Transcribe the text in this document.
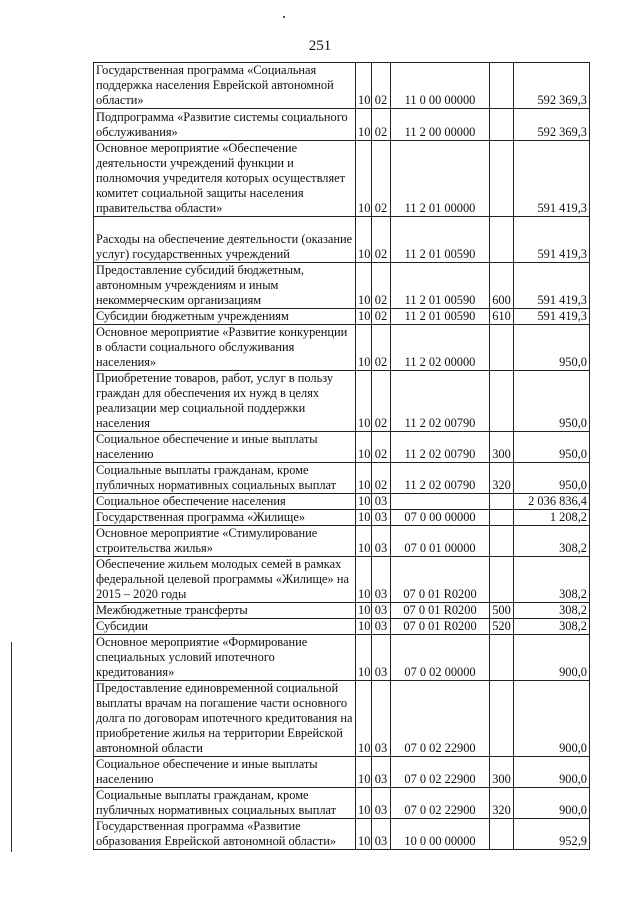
251
Государственная программа «Социальная поддержка населения Еврейской автономной области»	10	02	11 0 00 00000		592 369,3
Подпрограмма «Развитие системы социального обслуживания»	10	02	11 2 00 00000		592 369,3
Основное мероприятие «Обеспечение деятельности учреждений функции и полномочия учредителя которых осуществляет комитет социальной защиты населения правительства области»	10	02	11 2 01 00000		591 419,3
Расходы на обеспечение деятельности (оказание услуг) государственных учреждений	10	02	11 2 01 00590		591 419,3
Предоставление субсидий бюджетным, автономным учреждениям и иным некоммерческим организациям	10	02	11 2 01 00590	600	591 419,3
Субсидии бюджетным учреждениям	10	02	11 2 01 00590	610	591 419,3
Основное мероприятие «Развитие конкуренции в области социального обслуживания населения»	10	02	11 2 02 00000		950,0
Приобретение товаров, работ, услуг в пользу граждан для обеспечения их нужд в целях реализации мер социальной поддержки населения	10	02	11 2 02 00790		950,0
Социальное обеспечение и иные выплаты населению	10	02	11 2 02 00790	300	950,0
Социальные выплаты гражданам, кроме публичных нормативных социальных выплат	10	02	11 2 02 00790	320	950,0
Социальное обеспечение населения	10	03			2 036 836,4
Государственная программа «Жилище»	10	03	07 0 00 00000		1 208,2
Основное мероприятие «Стимулирование строительства жилья»	10	03	07 0 01 00000		308,2
Обеспечение жильем молодых семей в рамках федеральной целевой программы «Жилище» на 2015 – 2020 годы	10	03	07 0 01 R0200		308,2
Межбюджетные трансферты	10	03	07 0 01 R0200	500	308,2
Субсидии	10	03	07 0 01 R0200	520	308,2
Основное мероприятие «Формирование специальных условий ипотечного кредитования»	10	03	07 0 02 00000		900,0
Предоставление единовременной социальной выплаты врачам на погашение части основного долга по договорам ипотечного кредитования на приобретение жилья на территории Еврейской автономной области	10	03	07 0 02 22900		900,0
Социальное обеспечение и иные выплаты населению	10	03	07 0 02 22900	300	900,0
Социальные выплаты гражданам, кроме публичных нормативных социальных выплат	10	03	07 0 02 22900	320	900,0
Государственная программа «Развитие образования Еврейской автономной области»	10	03	10 0 00 00000		952,9
